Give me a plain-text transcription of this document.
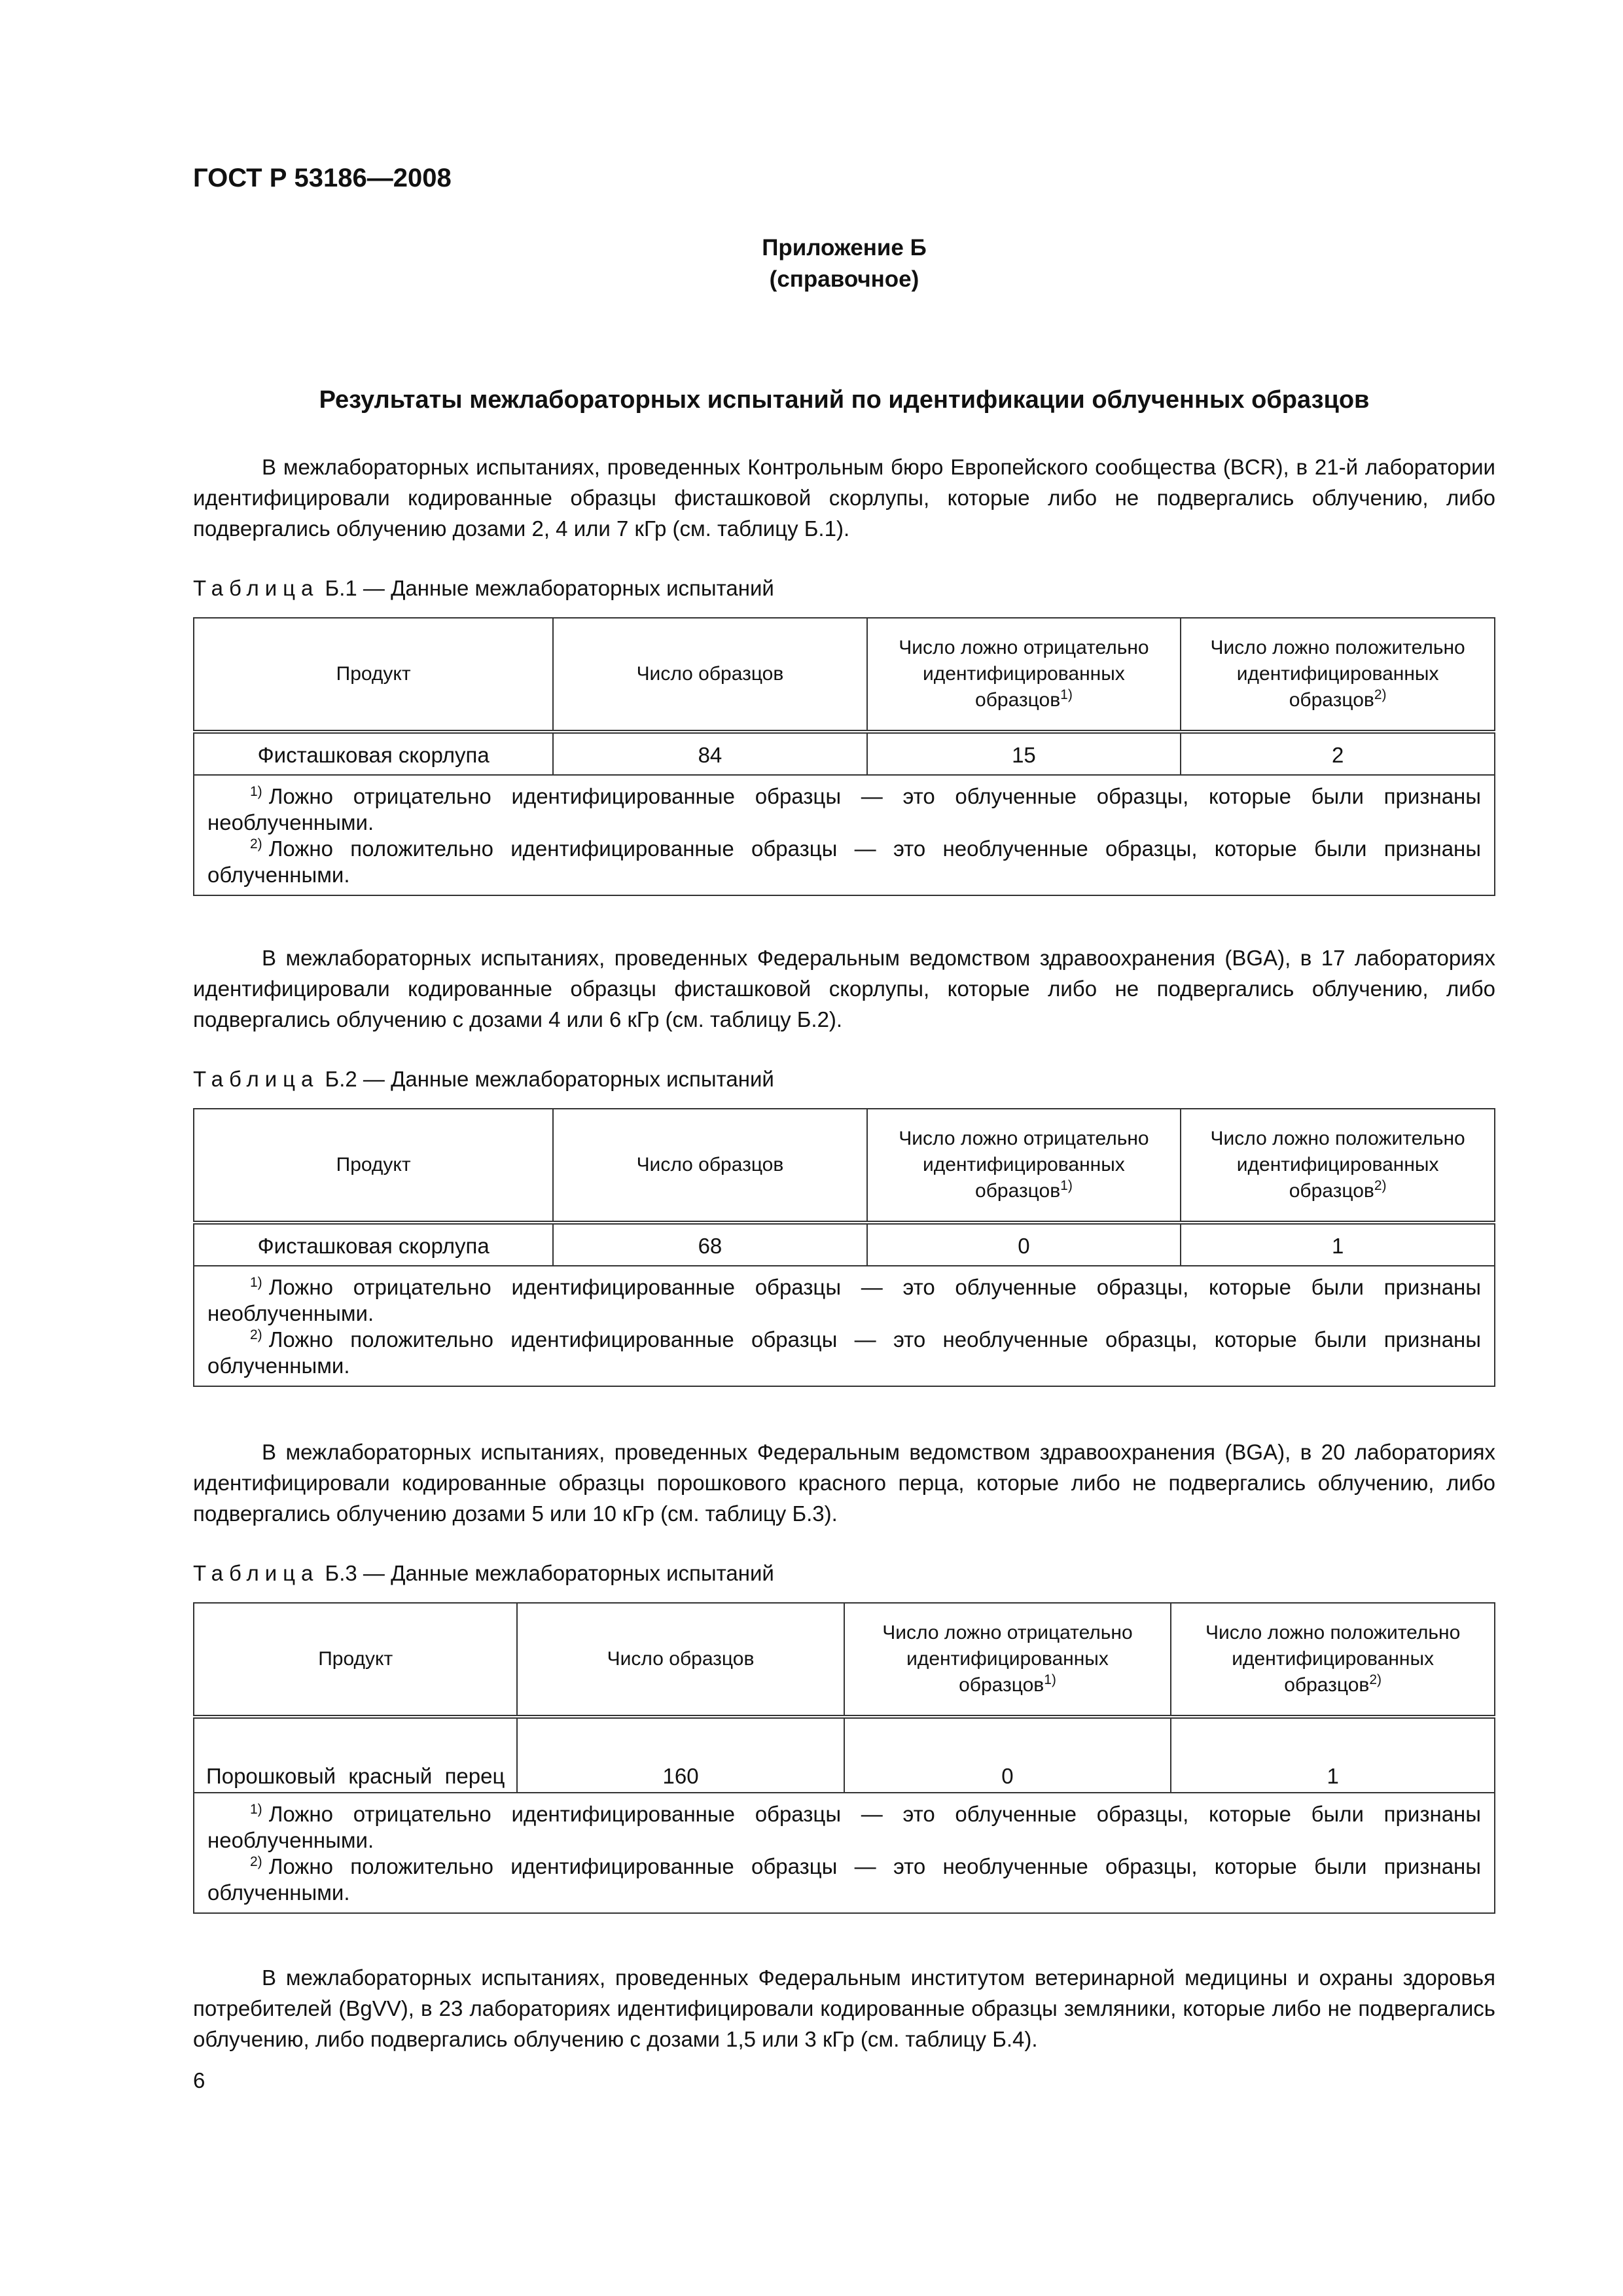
ГОСТ Р 53186—2008
Приложение Б
(справочное)
Результаты межлабораторных испытаний по идентификации облученных образцов

В межлабораторных испытаниях, проведенных Контрольным бюро Европейского сообщества (BCR), в 21-й лаборатории идентифицировали кодированные образцы фисташковой скорлупы, которые либо не подвергались облучению, либо подвергались облучению дозами 2, 4 или 7 кГр (см. таблицу Б.1).

Таблица Б.1 — Данные межлабораторных испытаний
Продукт	Число образцов	Число ложно отрицательно идентифицированных образцов$^{1)}$	Число ложно положительно идентифицированных образцов$^{2)}$
Фисташковая скорлупа	84	15	2

$^{1)}$ Ложно отрицательно идентифицированные образцы — это облученные образцы, которые были признаны необлученными.
$^{2)}$ Ложно положительно идентифицированные образцы — это необлученные образцы, которые были признаны облученными.			

В межлабораторных испытаниях, проведенных Федеральным ведомством здравоохранения (BGA), в 17 лабораториях идентифицировали кодированные образцы фисташковой скорлупы, которые либо не подвергались облучению, либо подвергались облучению с дозами 4 или 6 кГр (см. таблицу Б.2).

Таблица Б.2 — Данные межлабораторных испытаний
Продукт	Число образцов	Число ложно отрицательно идентифицированных образцов$^{1)}$	Число ложно положительно идентифицированных образцов$^{2)}$
Фисташковая скорлупа	68	0	1

$^{1)}$ Ложно отрицательно идентифицированные образцы — это облученные образцы, которые были признаны необлученными.
$^{2)}$ Ложно положительно идентифицированные образцы — это необлученные образцы, которые были признаны облученными.			

В межлабораторных испытаниях, проведенных Федеральным ведомством здравоохранения (BGA), в 20 лабораториях идентифицировали кодированные образцы порошкового красного перца, которые либо не подвергались облучению, либо подвергались облучению дозами 5 или 10 кГр (см. таблицу Б.3).

Таблица Б.3 — Данные межлабораторных испытаний
Продукт	Число образцов	Число ложно отрицательно идентифицированных образцов$^{1)}$	Число ложно положительно идентифицированных образцов$^{2)}$

Порошковый красный перец	160	0	1

$^{1)}$ Ложно отрицательно идентифицированные образцы — это облученные образцы, которые были признаны необлученными.
$^{2)}$ Ложно положительно идентифицированные образцы — это необлученные образцы, которые были признаны облученными.			

В межлабораторных испытаниях, проведенных Федеральным институтом ветеринарной медицины и охраны здоровья потребителей (BgVV), в 23 лабораториях идентифицировали кодированные образцы земляники, которые либо не подвергались облучению, либо подвергались облучению с дозами 1,5 или 3 кГр (см. таблицу Б.4).

6
